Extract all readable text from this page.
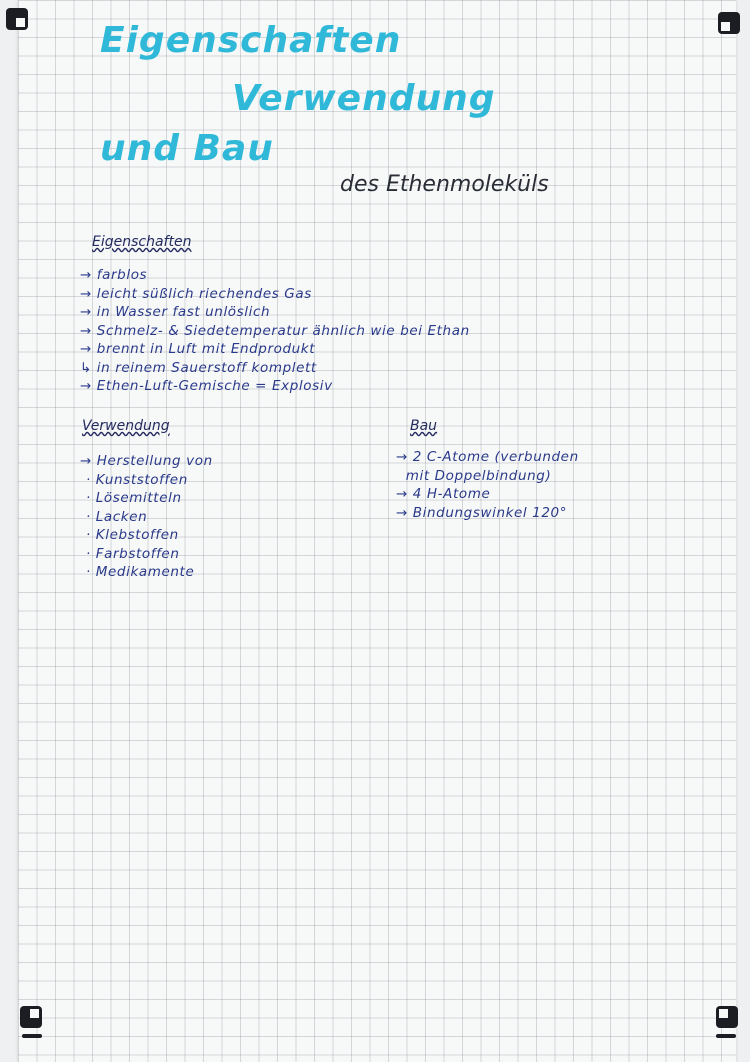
Eigenschaften
Verwendung
und Bau
des Ethenmoleküls
Eigenschaften
→ farblos
→ leicht süßlich riechendes Gas
→ in Wasser fast unlöslich
→ Schmelz- & Siedetemperatur ähnlich wie bei Ethan
→ brennt in Luft mit Endprodukt
↳ in reinem Sauerstoff komplett
→ Ethen-Luft-Gemische = Explosiv
Verwendung
→ Herstellung von
· Kunststoffen
· Lösemitteln
· Lacken
· Klebstoffen
· Farbstoffen
· Medikamente
Bau
→ 2 C-Atome (verbunden
mit Doppelbindung)
→ 4 H-Atome
→ Bindungswinkel 120°
